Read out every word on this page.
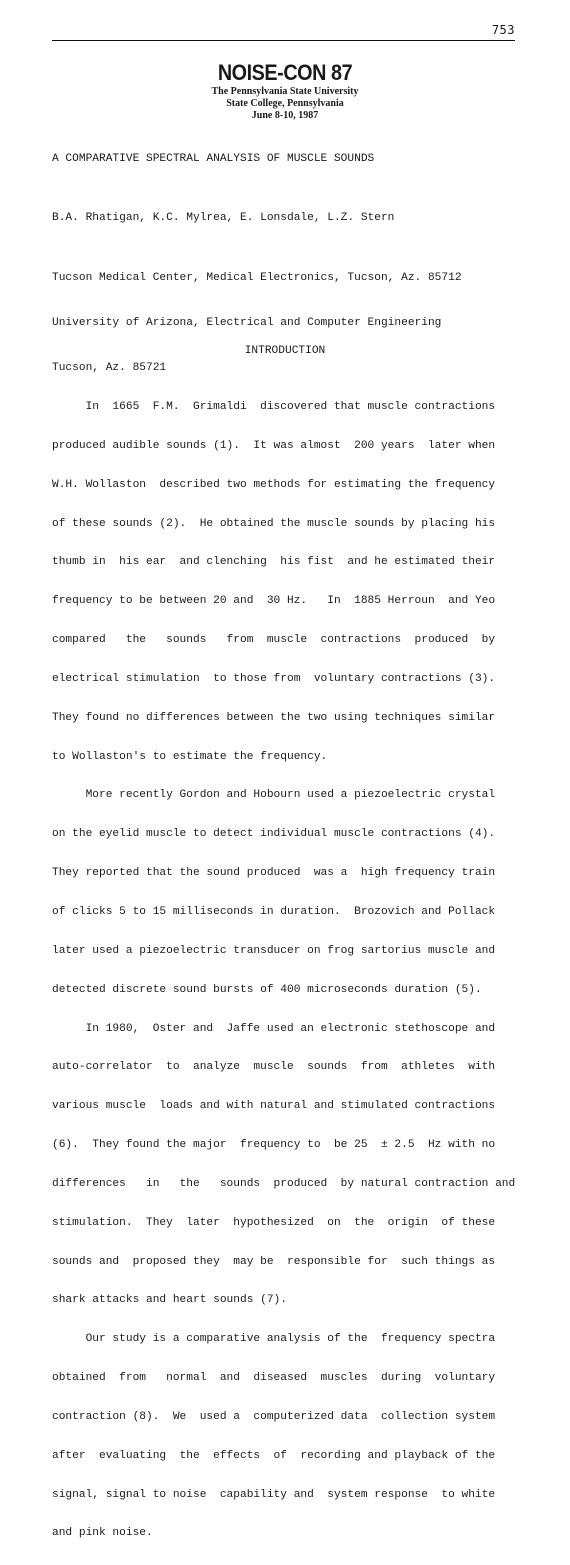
753
NOISE-CON 87
The Pennsylvania State University
State College, Pennsylvania
June 8-10, 1987
A COMPARATIVE SPECTRAL ANALYSIS OF MUSCLE SOUNDS
B.A. Rhatigan, K.C. Mylrea, E. Lonsdale, L.Z. Stern

Tucson Medical Center, Medical Electronics, Tucson, Az. 85712

University of Arizona, Electrical and Computer Engineering

Tucson, Az. 85721

INTRODUCTION

In  1665  F.M.  Grimaldi  discovered that muscle contractions

produced audible sounds (1).  It was almost  200 years  later when

W.H. Wollaston  described two methods for estimating the frequency

of these sounds (2).  He obtained the muscle sounds by placing his

thumb in  his ear  and clenching  his fist  and he estimated their

frequency to be between 20 and  30 Hz.   In  1885 Herroun  and Yeo

compared   the   sounds   from  muscle  contractions  produced  by

electrical stimulation  to those from  voluntary contractions (3).

They found no differences between the two using techniques similar

to Wollaston's to estimate the frequency.

More recently Gordon and Hobourn used a piezoelectric crystal

on the eyelid muscle to detect individual muscle contractions (4).

They reported that the sound produced  was a  high frequency train

of clicks 5 to 15 milliseconds in duration.  Brozovich and Pollack

later used a piezoelectric transducer on frog sartorius muscle and

detected discrete sound bursts of 400 microseconds duration (5).

In 1980,  Oster and  Jaffe used an electronic stethoscope and

auto-correlator  to  analyze  muscle  sounds  from  athletes  with

various muscle  loads and with natural and stimulated contractions

(6).  They found the major  frequency to  be 25  ± 2.5  Hz with no

differences   in   the   sounds  produced  by natural contraction and

stimulation.  They  later  hypothesized  on  the  origin  of these

sounds and  proposed they  may be  responsible for  such things as

shark attacks and heart sounds (7).

Our study is a comparative analysis of the  frequency spectra

obtained  from   normal  and  diseased  muscles  during  voluntary

contraction (8).  We  used a  computerized data  collection system

after  evaluating  the  effects  of  recording and playback of the

signal, signal to noise  capability and  system response  to white

and pink noise.
